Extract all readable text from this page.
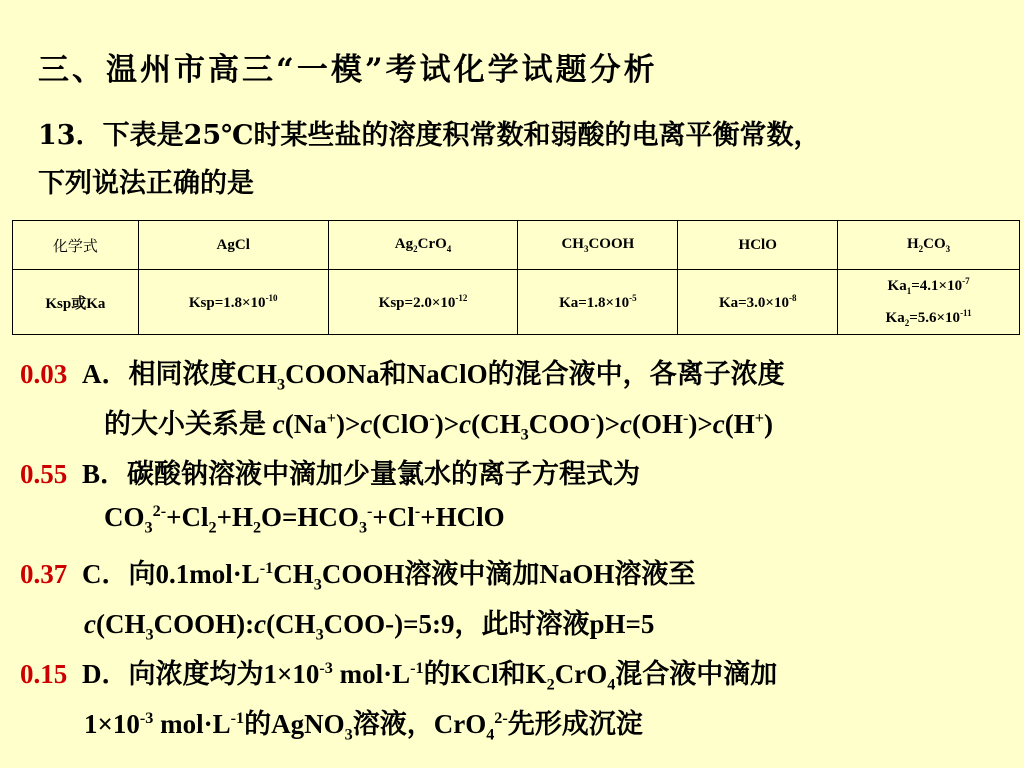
三、温州市高三“一模”考试化学试题分析
13．下表是25℃时某些盐的溶度积常数和弱酸的电离平衡常数，
下列说法正确的是
化学式	AgCl	$Ag_2CrO_4$	$CH_3COOH$	HClO	$H_2CO_3$
Ksp或Ka	$Ksp=1.8\times 10^{-10}$	$Ksp=2.0\times 10^{-12}$	$Ka=1.8\times 10^{-5}$	$Ka=3.0\times 10^{-8}$	$Ka_1=4.1\times 10^{-7}$
$Ka_2=5.6\times 10^{-11}$
0.03 A．相同浓度$CH_3COONa$和NaClO的混合液中，各离子浓度
的大小关系是 $c(Na^+)>c(ClO^-)>c(CH_3COO^-)>c(OH^-)>c(H^+)$
0.55 B．碳酸钠溶液中滴加少量氯水的离子方程式为
$CO_3^{2-}+Cl_2+H_2O=HCO_3^-+Cl^-+HClO$
0.37 C．向$0.1mol\cdot L^{-1}CH_3COOH$溶液中滴加NaOH溶液至
$c(CH_3COOH):c(CH_3COO-)=5:9$，此时溶液pH=5
0.15 D．向浓度均为$1\times 10^{-3}$ $mol\cdot L^{-1}$的KCl和$K_2CrO_4$混合液中滴加
$1\times 10^{-3}$ $mol\cdot L^{-1}$的AgNO$_3$溶液，CrO$_4^{2-}$先形成沉淀
